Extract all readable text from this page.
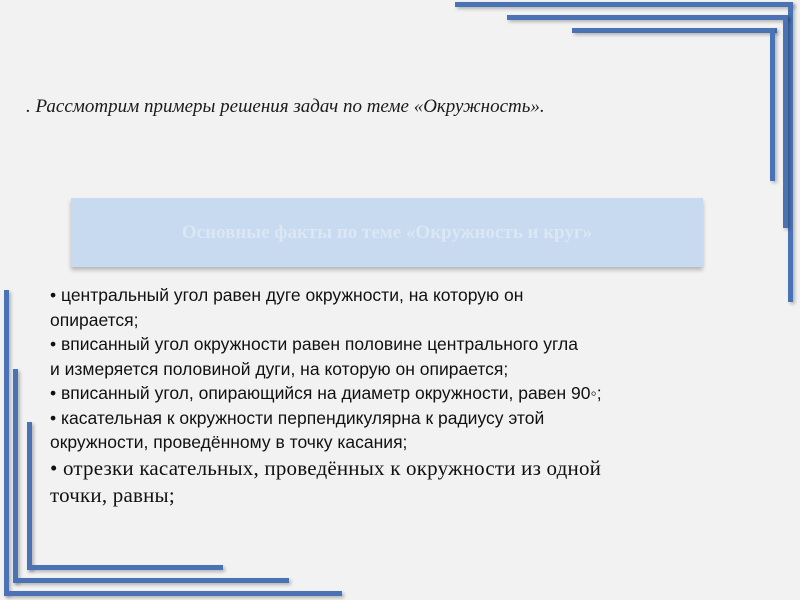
. Рассмотрим примеры решения задач по теме «Окружность».
Основные факты по теме «Окружность и круг»
• центральный угол равен дуге окружности, на которую он
опирается;
• вписанный угол окружности равен половине центрального угла
и измеряется половиной дуги, на которую он опирается;
• вписанный угол, опирающийся на диаметр окружности, равен 90◦;
• касательная к окружности перпендикулярна к радиусу этой
окружности, проведённому в точку касания;
• отрезки касательных, проведённых к окружности из одной
точки, равны;
